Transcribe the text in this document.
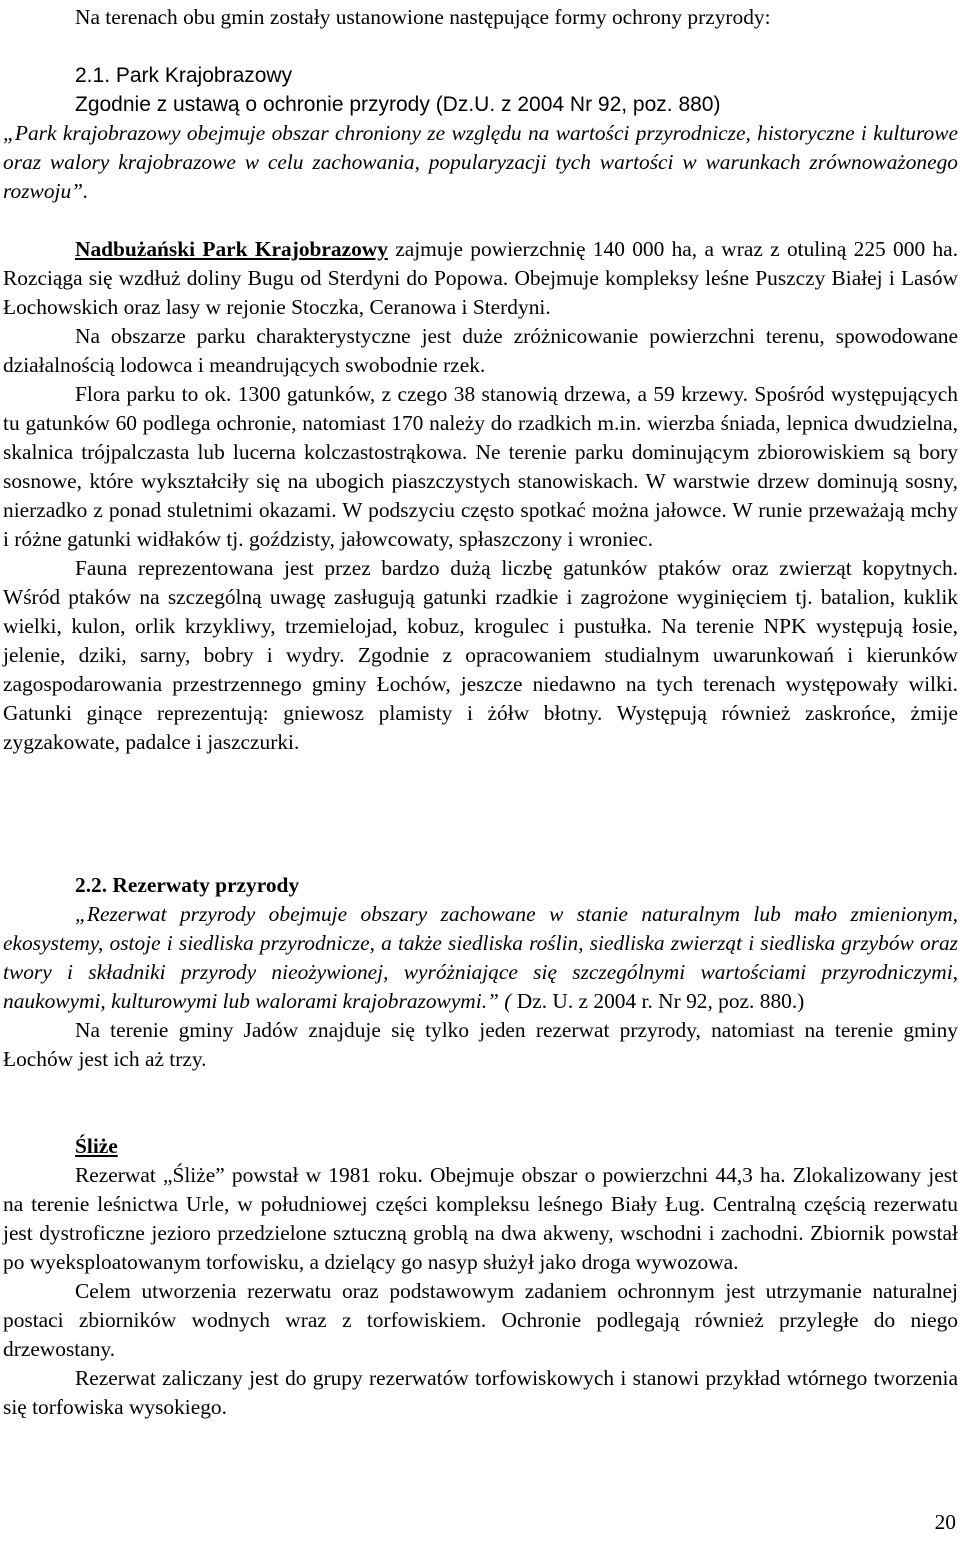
Na terenach obu gmin zostały ustanowione następujące formy ochrony przyrody:

2.1. Park Krajobrazowy

Zgodnie z ustawą o ochronie przyrody (Dz.U. z 2004 Nr 92, poz. 880)

„Park krajobrazowy obejmuje obszar chroniony ze względu na wartości przyrodnicze, historyczne i kulturowe oraz walory krajobrazowe w celu zachowania, popularyzacji tych wartości w warunkach zrównoważonego rozwoju”.

Nadbużański Park Krajobrazowy zajmuje powierzchnię 140 000 ha, a wraz z otuliną 225 000 ha. Rozciąga się wzdłuż doliny Bugu od Sterdyni do Popowa. Obejmuje kompleksy leśne Puszczy Białej i Lasów Łochowskich oraz lasy w rejonie Stoczka, Ceranowa i Sterdyni.

Na obszarze parku charakterystyczne jest duże zróżnicowanie powierzchni terenu, spowodowane działalnością lodowca i meandrujących swobodnie rzek.

Flora parku to ok. 1300 gatunków, z czego 38 stanowią drzewa, a 59 krzewy. Spośród występujących tu gatunków 60 podlega ochronie, natomiast 170 należy do rzadkich m.in. wierzba śniada, lepnica dwudzielna, skalnica trójpalczasta lub lucerna kolczastostrąkowa. Ne terenie parku dominującym zbiorowiskiem są bory sosnowe, które wykształciły się na ubogich piaszczystych stanowiskach. W warstwie drzew dominują sosny, nierzadko z ponad stuletnimi okazami. W podszyciu często spotkać można jałowce. W runie przeważają mchy i różne gatunki widłaków tj. goździsty, jałowcowaty, spłaszczony i wroniec.

Fauna reprezentowana jest przez bardzo dużą liczbę gatunków ptaków oraz zwierząt kopytnych. Wśród ptaków na szczególną uwagę zasługują gatunki rzadkie i zagrożone wyginięciem tj. batalion, kuklik wielki, kulon, orlik krzykliwy, trzemielojad, kobuz, krogulec i pustułka. Na terenie NPK występują łosie, jelenie, dziki, sarny, bobry i wydry. Zgodnie z opracowaniem studialnym uwarunkowań i kierunków zagospodarowania przestrzennego gminy Łochów, jeszcze niedawno na tych terenach występowały wilki. Gatunki ginące reprezentują: gniewosz plamisty i żółw błotny. Występują również zaskrońce, żmije zygzakowate, padalce i jaszczurki.

2.2. Rezerwaty przyrody

„Rezerwat przyrody obejmuje obszary zachowane w stanie naturalnym lub mało zmienionym, ekosystemy, ostoje i siedliska przyrodnicze, a także siedliska roślin, siedliska zwierząt i siedliska grzybów oraz twory i składniki przyrody nieożywionej, wyróżniające się szczególnymi wartościami przyrodniczymi, naukowymi, kulturowymi lub walorami krajobrazowymi.” ( Dz. U. z 2004 r. Nr 92, poz. 880.)

Na terenie gminy Jadów znajduje się tylko jeden rezerwat przyrody, natomiast na terenie gminy Łochów jest ich aż trzy.

Śliże

Rezerwat „Śliże” powstał w 1981 roku. Obejmuje obszar o powierzchni 44,3 ha. Zlokalizowany jest na terenie leśnictwa Urle, w południowej części kompleksu leśnego Biały Ług. Centralną częścią rezerwatu jest dystroficzne jezioro przedzielone sztuczną groblą na dwa akweny, wschodni i zachodni. Zbiornik powstał po wyeksploatowanym torfowisku, a dzielący go nasyp służył jako droga wywozowa.

Celem utworzenia rezerwatu oraz podstawowym zadaniem ochronnym jest utrzymanie naturalnej postaci zbiorników wodnych wraz z torfowiskiem. Ochronie podlegają również przyległe do niego drzewostany.

Rezerwat zaliczany jest do grupy rezerwatów torfowiskowych i stanowi przykład wtórnego tworzenia się torfowiska wysokiego.

20
